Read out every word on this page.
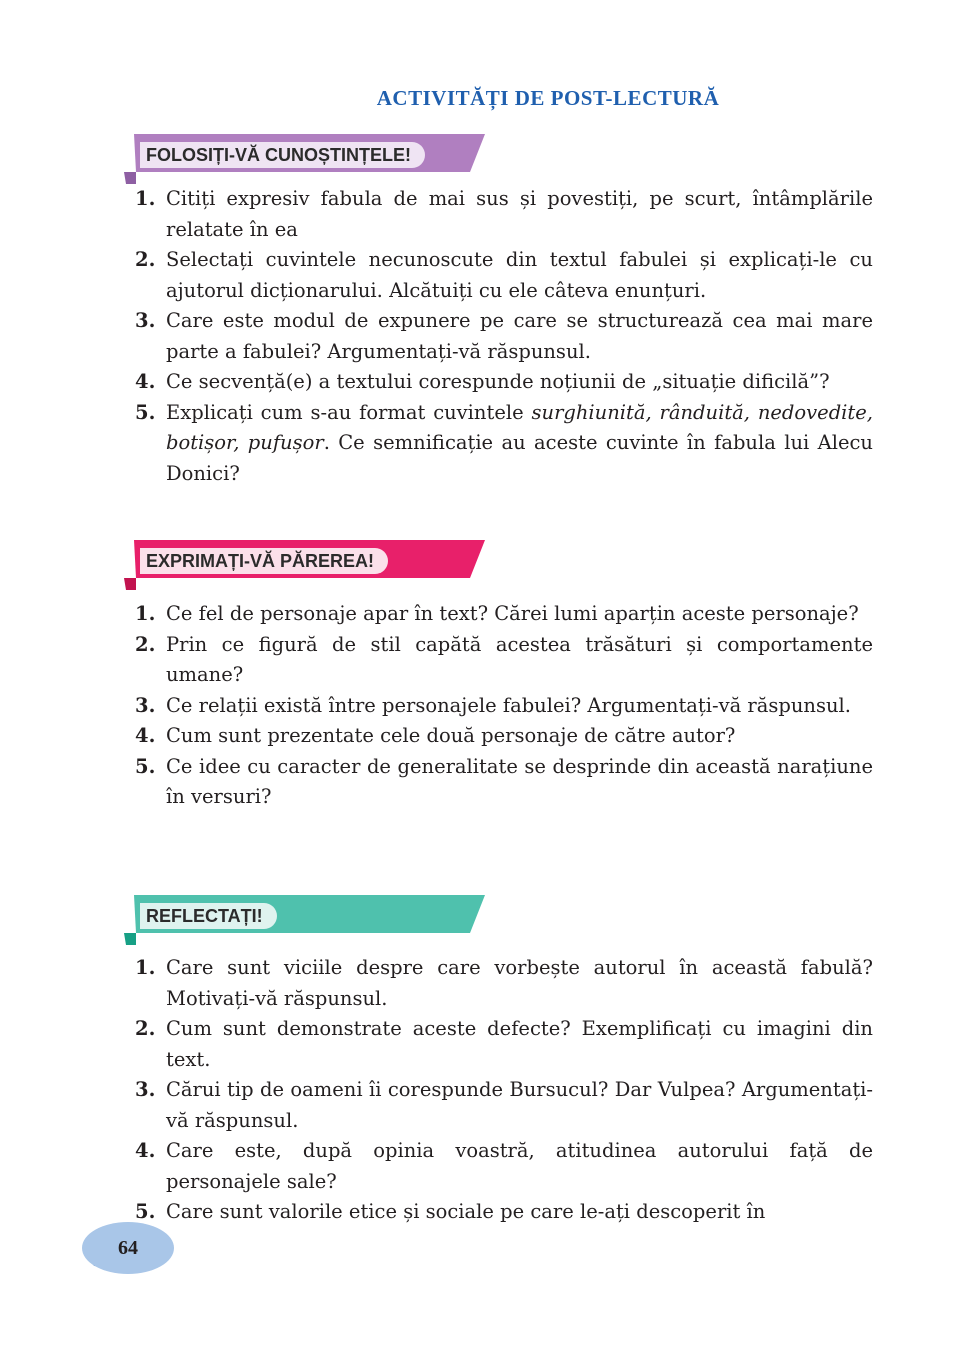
ACTIVITĂȚI DE POST-LECTURĂ
FOLOSIȚI-VĂ CUNOȘTINȚELE!
1. Citiți expresiv fabula de mai sus și povestiți, pe scurt, întâmplările relatate în ea
2. Selectați cuvintele necunoscute din textul fabulei și explicați-le cu ajutorul dicționarului. Alcătuiți cu ele câteva enunțuri.
3. Care este modul de expunere pe care se structurează cea mai mare parte a fabulei? Argumentați-vă răspunsul.
4. Ce secvență(e) a textului corespunde noțiunii de „situație dificilă”?
5. Explicați cum s-au format cuvintele surghiunită, rânduită, nedovedite, botișor, pufușor. Ce semnificație au aceste cuvinte în fabula lui Alecu Donici?
EXPRIMAȚI-VĂ PĂREREA!
1. Ce fel de personaje apar în text? Cărei lumi aparțin aceste personaje?
2. Prin ce figură de stil capătă acestea trăsături și comportamente umane?
3. Ce relații există între personajele fabulei? Argumentați-vă răspunsul.
4. Cum sunt prezentate cele două personaje de către autor?
5. Ce idee cu caracter de generalitate se desprinde din această narațiune în versuri?
REFLECTAȚI!
1. Care sunt viciile despre care vorbește autorul în această fabulă? Motivați-vă răspunsul.
2. Cum sunt demonstrate aceste defecte? Exemplificați cu imagini din text.
3. Cărui tip de oameni îi corespunde Bursucul? Dar Vulpea? Argumentați-vă răspunsul.
4. Care este, după opinia voastră, atitudinea autorului față de personajele sale?
5. Care sunt valorile etice și sociale pe care le-ați descoperit în
64
